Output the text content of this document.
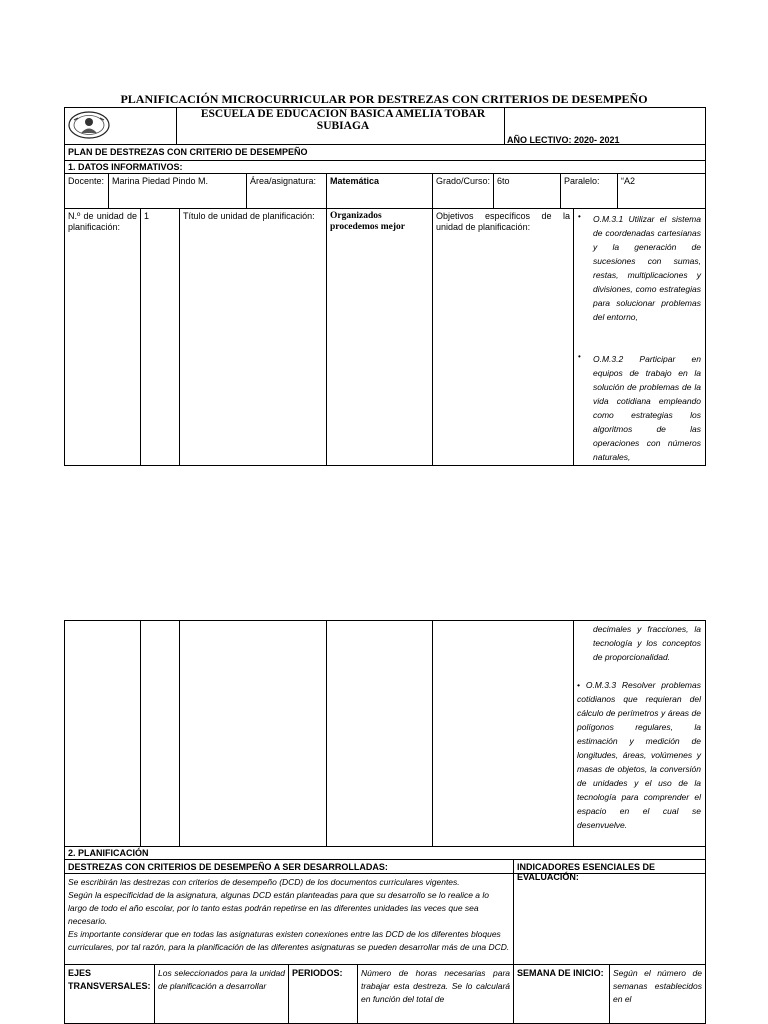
PLANIFICACIÓN MICROCURRICULAR POR DESTREZAS CON CRITERIOS DE DESEMPEÑO
ESCUELA DE EDUCACION BASICA AMELIA TOBAR
SUBIAGA
AÑO LECTIVO: 2020- 2021
PLAN DE DESTREZAS CON CRITERIO DE DESEMPEÑO
1. DATOS INFORMATIVOS:
Docente: Marina Piedad Pindo M.	Área/asignatura:	Matemática	Grado/Curso: 6to	Paralelo:	“A2
N.º de unidad de planificación:
1	Título de unidad de planificación:	Organizados procedemos mejor
Objetivos específicos de la unidad de planificación:
• O.M.3.1 Utilizar el sistema de coordenadas cartesianas y la generación de sucesiones con sumas, restas, multiplicaciones y divisiones, como estrategias para solucionar problemas del entorno,
• O.M.3.2 Participar en equipos de trabajo en la solución de problemas de la vida cotidiana empleando como estrategias los algoritmos de las operaciones con números naturales,
decimales y fracciones, la tecnología y los conceptos de proporcionalidad.
• O.M.3.3 Resolver problemas cotidianos que requieran del cálculo de perímetros y áreas de polígonos regulares, la estimación y medición de longitudes, áreas, volúmenes y masas de objetos, la conversión de unidades y el uso de la tecnología para comprender el espacio en el cual se desenvuelve.
2. PLANIFICACIÓN
DESTREZAS CON CRITERIOS DE DESEMPEÑO A SER DESARROLLADAS:	INDICADORES ESENCIALES DE EVALUACIÓN:
Se escribirán las destrezas con criterios de desempeño (DCD) de los documentos curriculares vigentes.
Según la especificidad de la asignatura, algunas DCD están planteadas para que su desarrollo se lo realice a lo largo de todo el año escolar, por lo tanto estas podrán repetirse en las diferentes unidades las veces que sea necesario.
Es importante considerar que en todas las asignaturas existen conexiones entre las DCD de los diferentes bloques curriculares, por tal razón, para la planificación de las diferentes asignaturas se pueden desarrollar más de una DCD.
EJES TRANSVERSALES:
Los seleccionados para la unidad de planificación a desarrollar
PERIODOS:	Número de horas necesarias para trabajar esta destreza. Se lo calculará en función del total de
SEMANA DE INICIO:	Según el número de semanas establecidos en el
